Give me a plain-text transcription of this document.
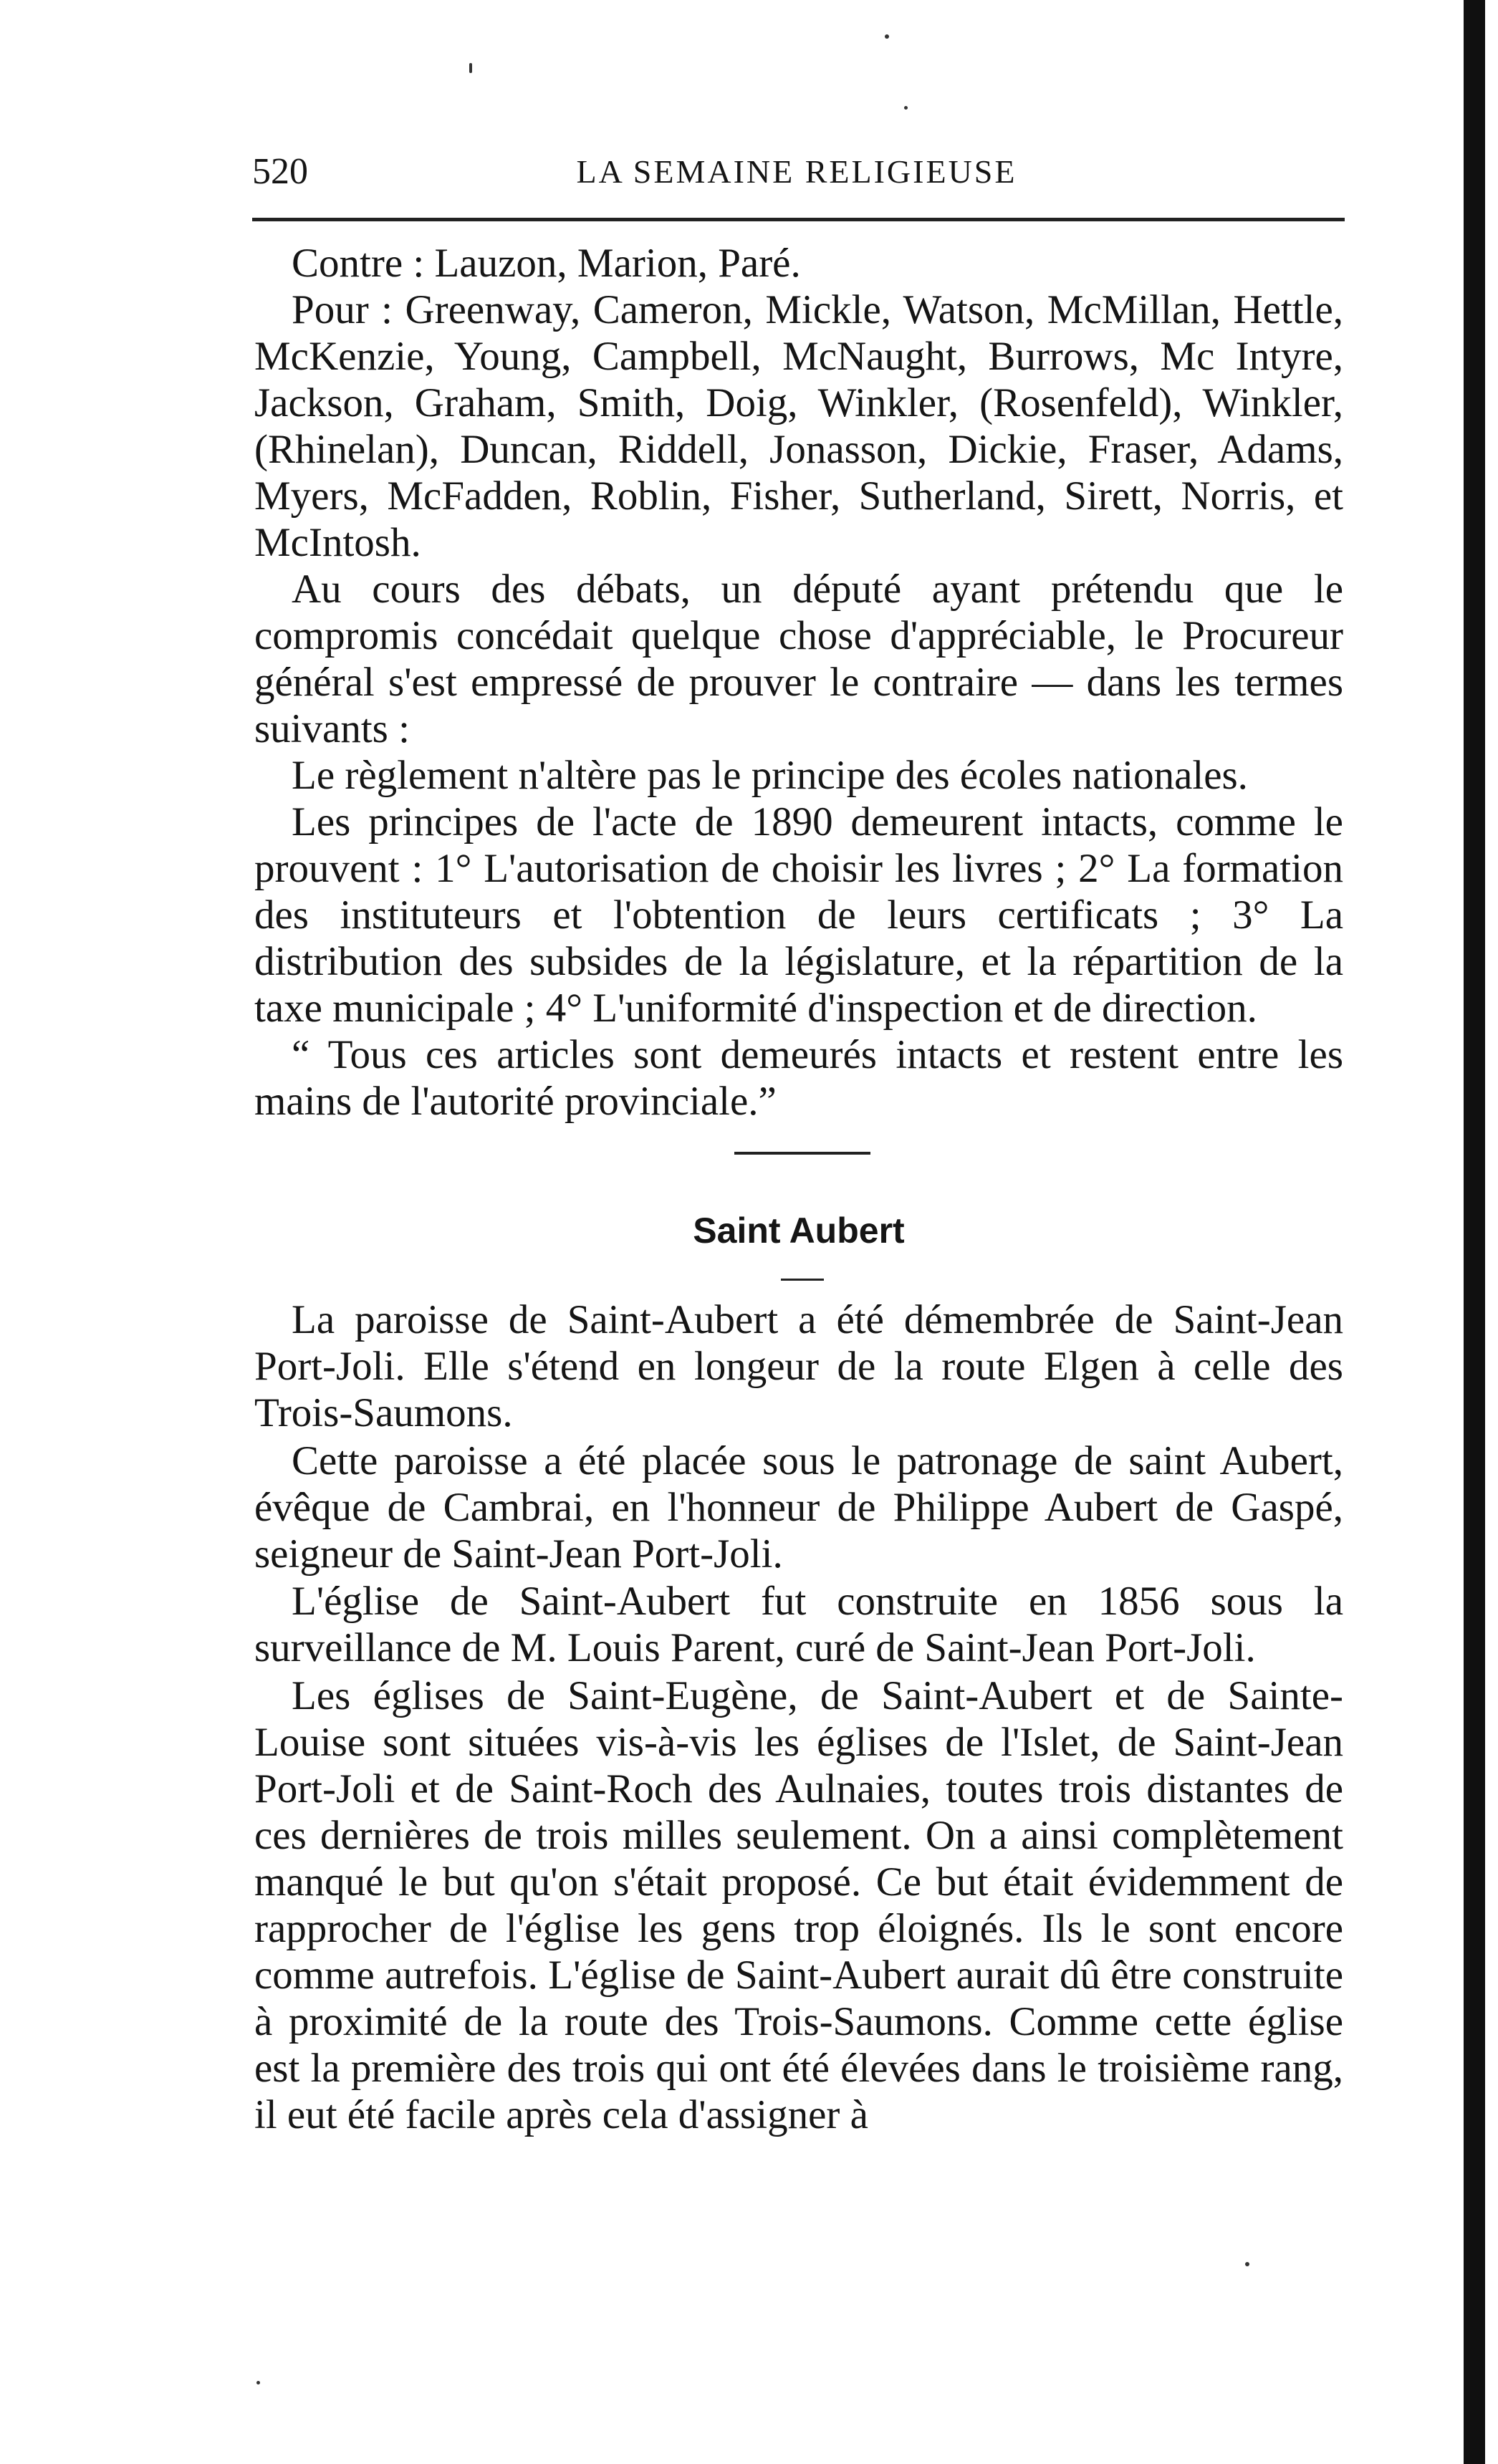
520	LA SEMAINE RELIGIEUSE

Contre : Lauzon, Marion, Paré.

Pour : Greenway, Cameron, Mickle, Watson, McMillan, Hettle, McKenzie, Young, Campbell, McNaught, Burrows, Mc Intyre, Jackson, Graham, Smith, Doig, Winkler, (Rosenfeld), Winkler, (Rhinelan), Duncan, Riddell, Jonasson, Dickie, Fraser, Adams, Myers, McFadden, Roblin, Fisher, Sutherland, Sirett, Norris, et McIntosh.

Au cours des débats, un député ayant prétendu que le compromis concédait quelque chose d'appréciable, le Procureur général s'est empressé de prouver le contraire — dans les termes suivants :

Le règlement n'altère pas le principe des écoles nationales.

Les principes de l'acte de 1890 demeurent intacts, comme le prouvent : 1° L'autorisation de choisir les livres ; 2° La formation des instituteurs et l'obtention de leurs certificats ; 3° La distribution des subsides de la législature, et la répartition de la taxe municipale ; 4° L'uniformité d'inspection et de direction.

“ Tous ces articles sont demeurés intacts et restent entre les mains de l'autorité provinciale.”

Saint Aubert

La paroisse de Saint-Aubert a été démembrée de Saint-Jean Port-Joli. Elle s'étend en longeur de la route Elgen à celle des Trois-Saumons.

Cette paroisse a été placée sous le patronage de saint Aubert, évêque de Cambrai, en l'honneur de Philippe Aubert de Gaspé, seigneur de Saint-Jean Port-Joli.

L'église de Saint-Aubert fut construite en 1856 sous la surveillance de M. Louis Parent, curé de Saint-Jean Port-Joli.

Les églises de Saint-Eugène, de Saint-Aubert et de Sainte-Louise sont situées vis-à-vis les églises de l'Islet, de Saint-Jean Port-Joli et de Saint-Roch des Aulnaies, toutes trois distantes de ces dernières de trois milles seulement. On a ainsi complètement manqué le but qu'on s'était proposé. Ce but était évidemment de rapprocher de l'église les gens trop éloignés. Ils le sont encore comme autrefois. L'église de Saint-Aubert aurait dû être construite à proximité de la route des Trois-Saumons. Comme cette église est la première des trois qui ont été élevées dans le troisième rang, il eut été facile après cela d'assigner à
